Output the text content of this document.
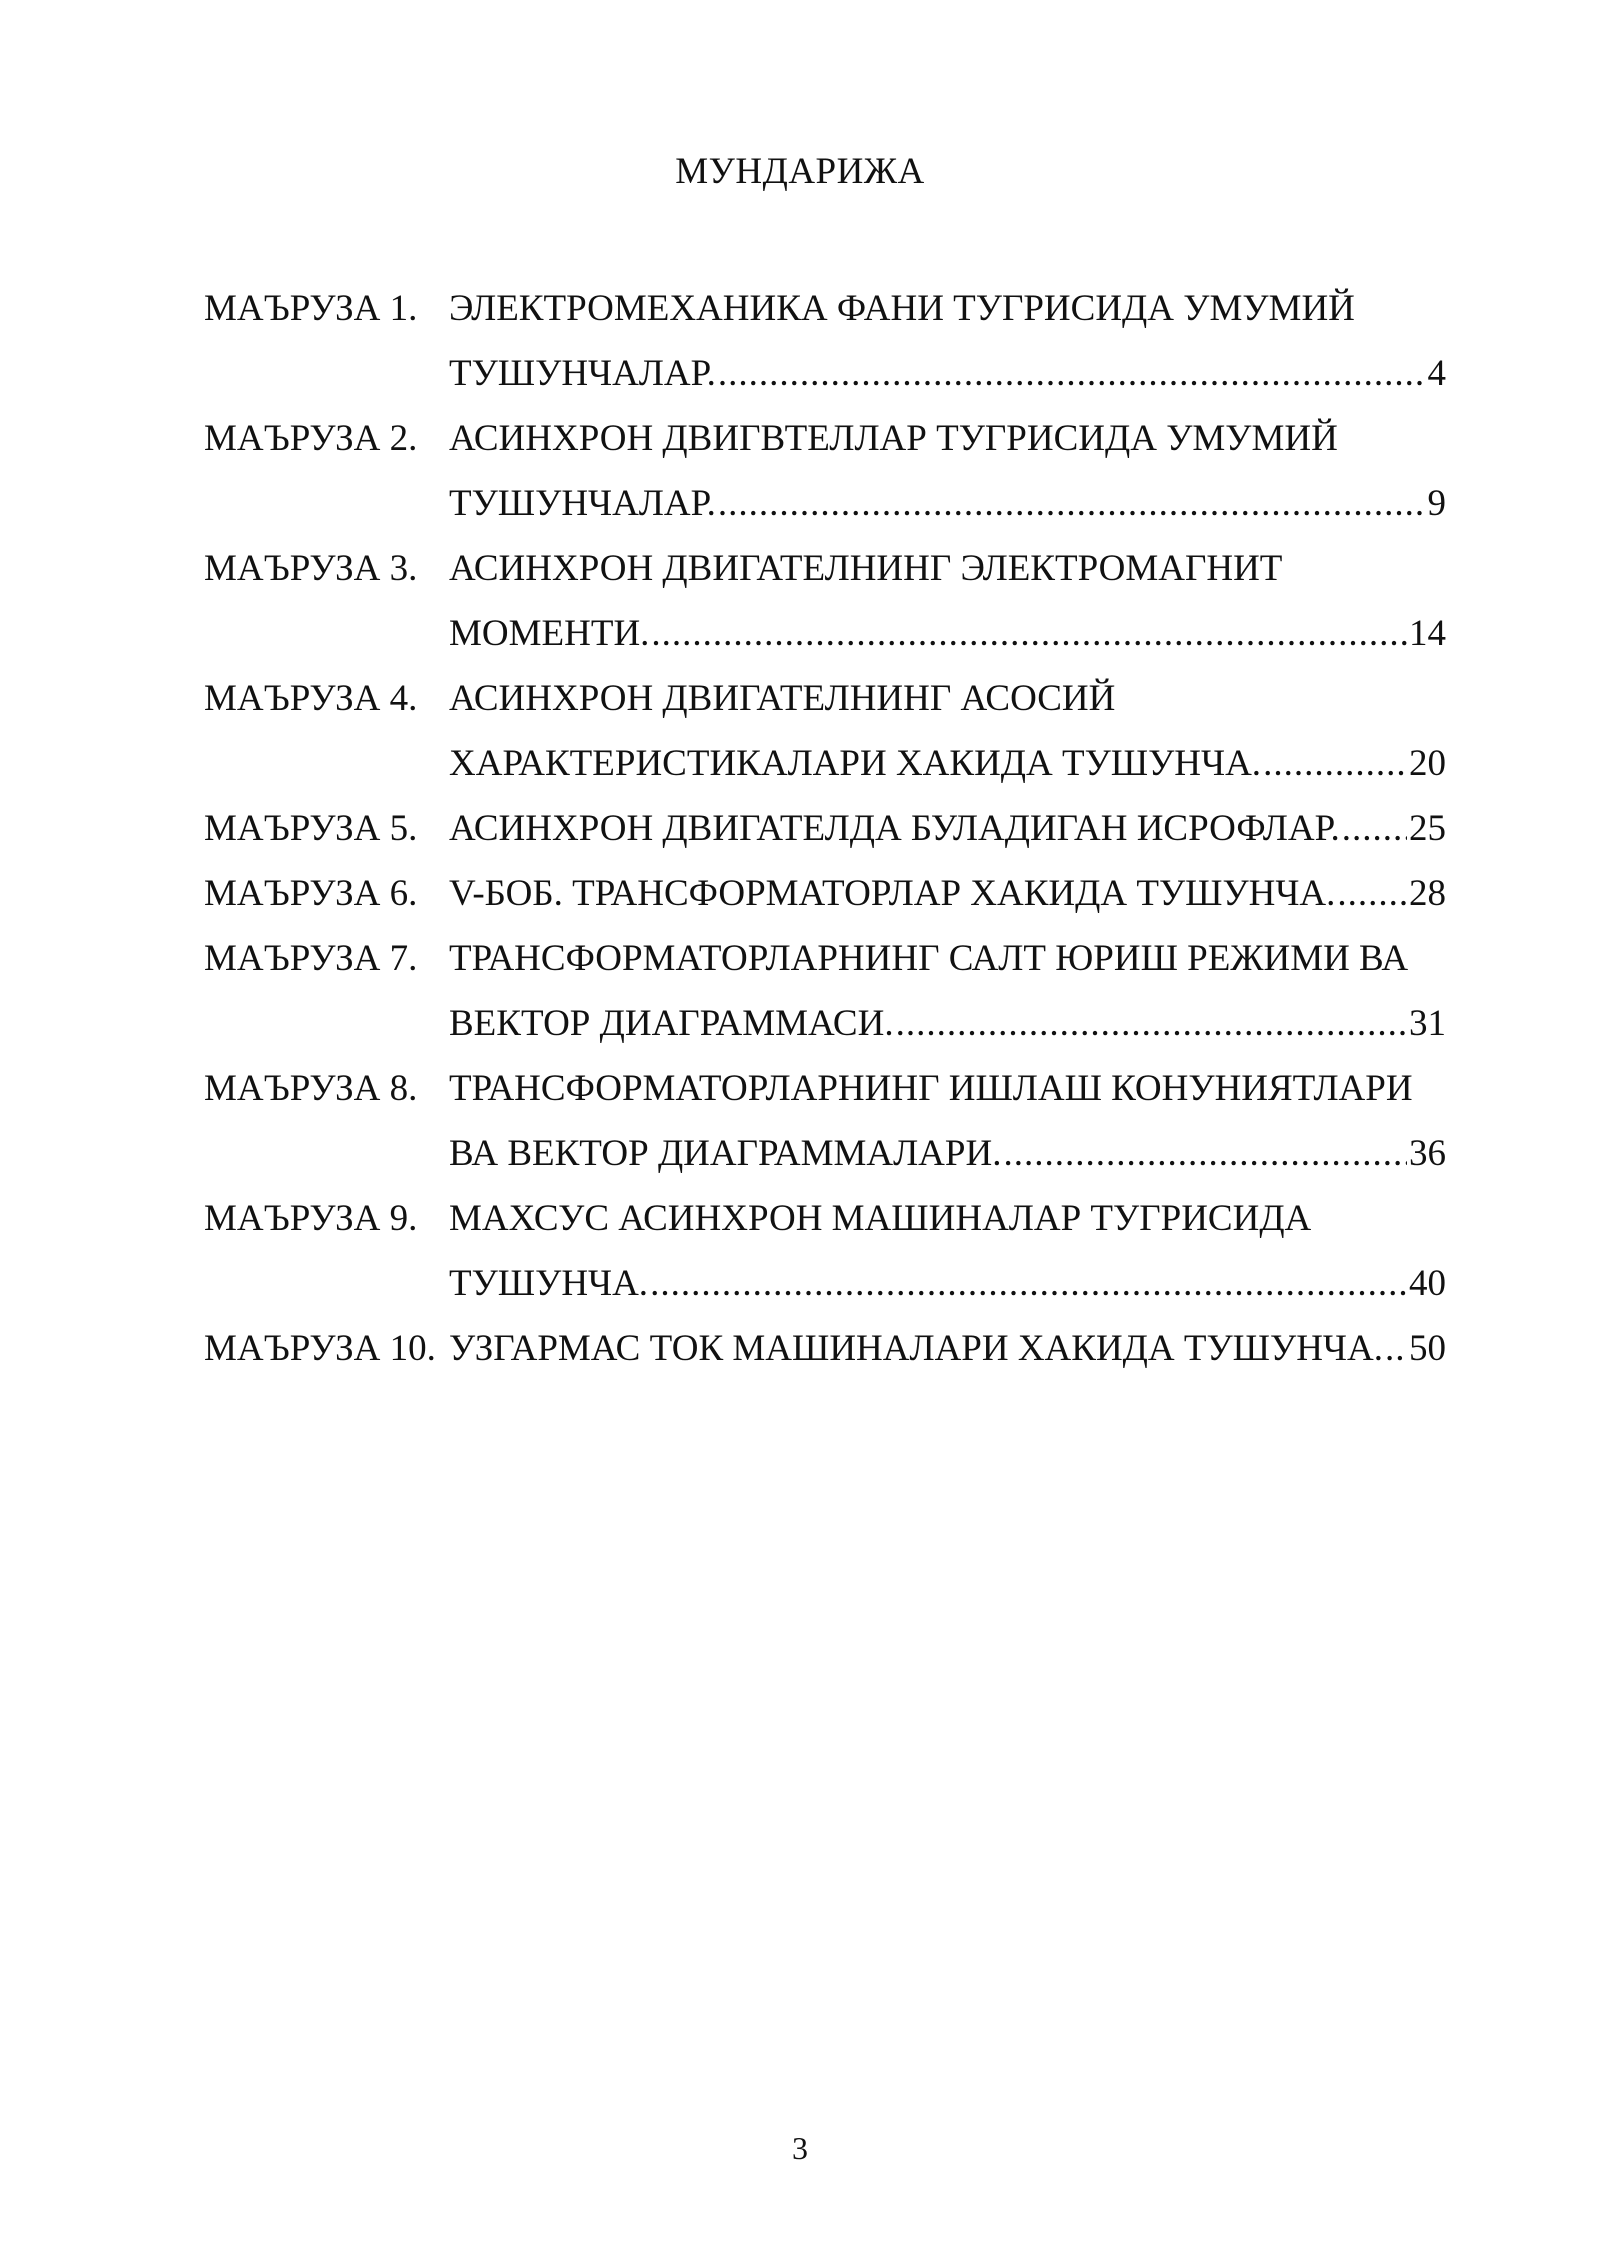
МУНДАРИЖА
МАЪРУЗА 1. ЭЛЕКТРОМЕХАНИКА ФАНИ ТУГРИСИДА УМУМИЙ
ТУШУНЧАЛАР. .....	4
МАЪРУЗА 2. АСИНХРОН ДВИГВТЕЛЛАР ТУГРИСИДА УМУМИЙ
ТУШУНЧАЛАР. .....	9
МАЪРУЗА 3. АСИНХРОН ДВИГАТЕЛНИНГ ЭЛЕКТРОМАГНИТ
МОМЕНТИ. .....	14
МАЪРУЗА 4. АСИНХРОН ДВИГАТЕЛНИНГ АСОСИЙ
ХАРАКТЕРИСТИКАЛАРИ ХАКИДА ТУШУНЧА. .....	20
МАЪРУЗА 5. АСИНХРОН ДВИГАТЕЛДА БУЛАДИГАН ИСРОФЛАР. ..... 25
МАЪРУЗА 6. V-БОБ. ТРАНСФОРМАТОРЛАР ХАКИДА ТУШУНЧА. ..... 28
МАЪРУЗА 7. ТРАНСФОРМАТОРЛАРНИНГ САЛТ ЮРИШ РЕЖИМИ ВА
ВЕКТОР ДИАГРАММАСИ. .....	31
МАЪРУЗА 8. ТРАНСФОРМАТОРЛАРНИНГ ИШЛАШ КОНУНИЯТЛАРИ
ВА ВЕКТОР ДИАГРАММАЛАРИ. .....	36
МАЪРУЗА 9. МАХСУС АСИНХРОН МАШИНАЛАР ТУГРИСИДА
ТУШУНЧА. .....	40
МАЪРУЗА 10. УЗГАРМАС ТОК МАШИНАЛАРИ ХАКИДА ТУШУНЧА. ..... 50
3
